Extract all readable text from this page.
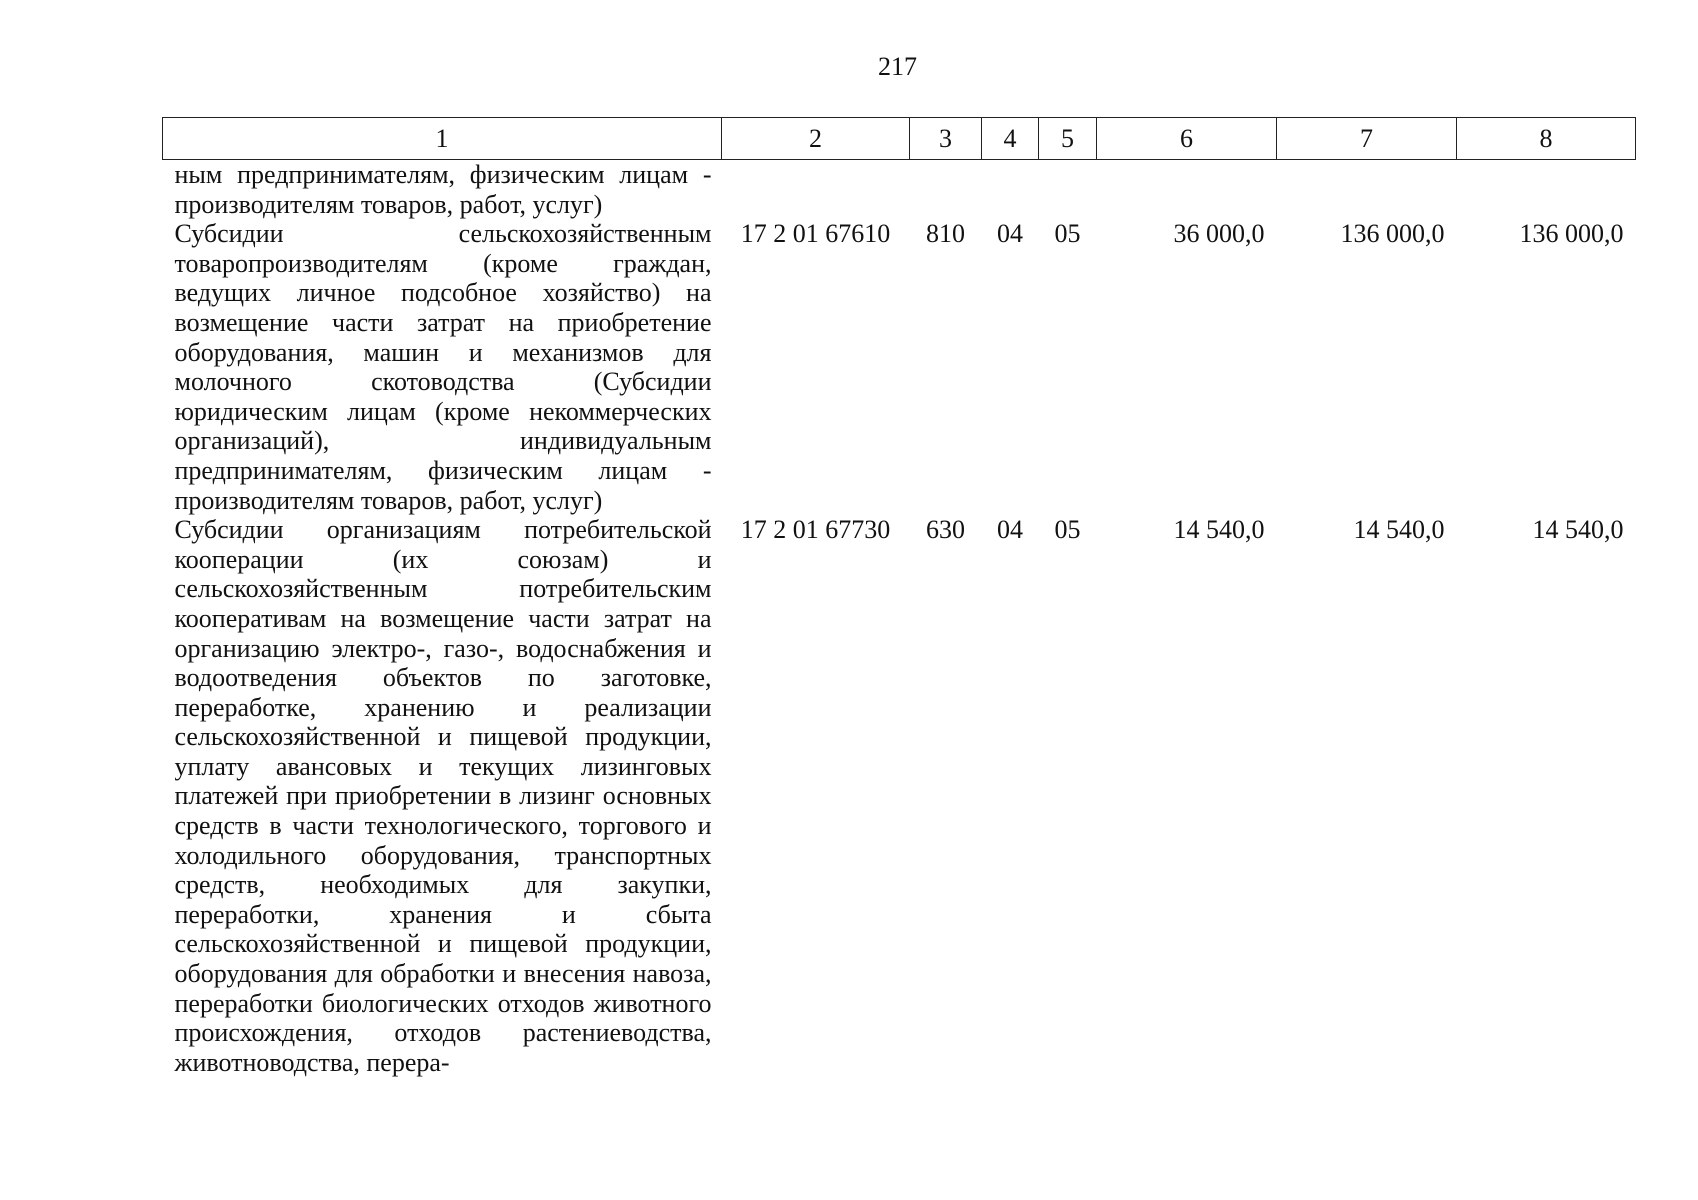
217
1	2	3	4	5	6	7	8
ным предпринимателям, физическим лицам - производителям товаров, работ, услуг)							
Субсидии сельскохозяйственным товаропроизводителям (кроме граждан, ведущих личное подсобное хозяйство) на возмещение части затрат на приобретение оборудования, машин и механизмов для молочного скотоводства (Субсидии юридическим лицам (кроме некоммерческих организаций), индивидуальным предпринимателям, физическим лицам - производителям товаров, работ, услуг)	17 2 01 67610	810	04	05	36 000,0	136 000,0	136 000,0
Субсидии организациям потребительской кооперации (их союзам) и сельскохозяйственным потребительским кооперативам на возмещение части затрат на организацию электро-, газо-, водоснабжения и водоотведения объектов по заготовке, переработке, хранению и реализации сельскохозяйственной и пищевой продукции, уплату авансовых и текущих лизинговых платежей при приобретении в лизинг основных средств в части технологического, торгового и холодильного оборудования, транспортных средств, необходимых для закупки, переработки, хранения и сбыта сельскохозяйственной и пищевой продукции, оборудования для обработки и внесения навоза, переработки биологических отходов животного происхождения, отходов растениеводства, животноводства, перера-	17 2 01 67730	630	04	05	14 540,0	14 540,0	14 540,0
